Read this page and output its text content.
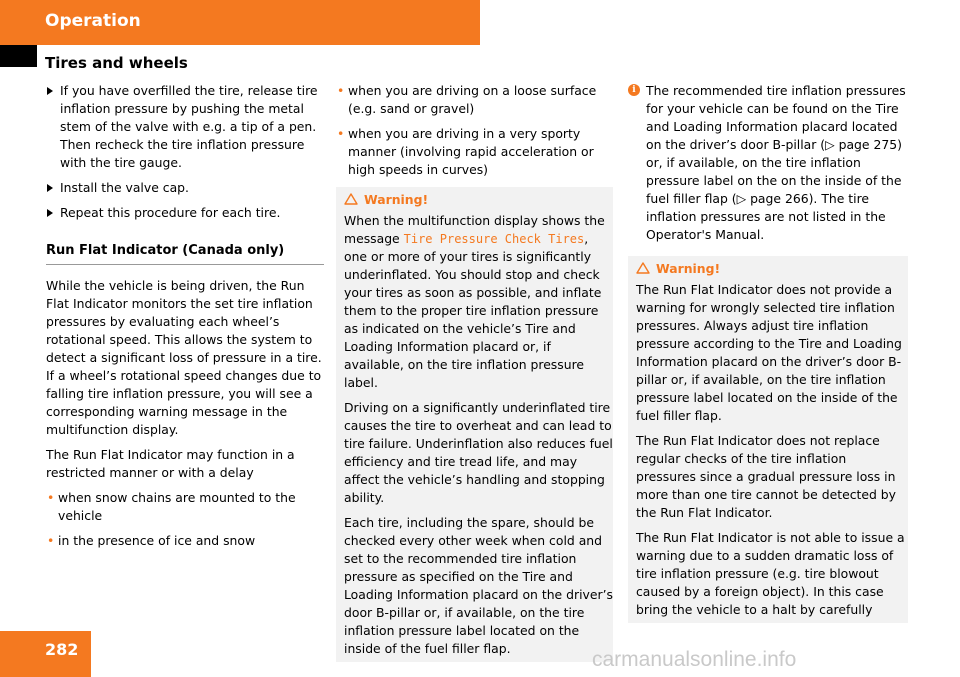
Operation
Tires and wheels
If you have overfilled the tire, release tire inflation pressure by pushing the metal stem of the valve with e.g. a tip of a pen. Then recheck the tire inflation pressure with the tire gauge.
Install the valve cap.
Repeat this procedure for each tire.
Run Flat Indicator (Canada only)

While the vehicle is being driven, the Run Flat Indicator monitors the set tire inflation pressures by evaluating each wheel’s rotational speed. This allows the system to detect a significant loss of pressure in a tire. If a wheel’s rotational speed changes due to falling tire inflation pressure, you will see a corresponding warning message in the multifunction display.

The Run Flat Indicator may function in a restricted manner or with a delay

• when snow chains are mounted to the vehicle
• in the presence of ice and snow
• when you are driving on a loose surface (e.g. sand or gravel)
• when you are driving in a very sporty manner (involving rapid acceleration or high speeds in curves)
Warning!

When the multifunction display shows the message Tire Pressure Check Tires, one or more of your tires is significantly underinflated. You should stop and check your tires as soon as possible, and inflate them to the proper tire inflation pressure as indicated on the vehicle’s Tire and Loading Information placard or, if available, on the tire inflation pressure label.

Driving on a significantly underinflated tire causes the tire to overheat and can lead to tire failure. Underinflation also reduces fuel efficiency and tire tread life, and may affect the vehicle’s handling and stopping ability.

Each tire, including the spare, should be checked every other week when cold and set to the recommended tire inflation pressure as specified on the Tire and Loading Information placard on the driver’s door B-pillar or, if available, on the tire inflation pressure label located on the inside of the fuel filler flap.

i The recommended tire inflation pressures for your vehicle can be found on the Tire and Loading Information placard located on the driver’s door B-pillar (▷ page 275) or, if available, on the tire inflation pressure label on the on the inside of the fuel filler flap (▷ page 266). The tire inflation pressures are not listed in the Operator's Manual.
Warning!

The Run Flat Indicator does not provide a warning for wrongly selected tire inflation pressures. Always adjust tire inflation pressure according to the Tire and Loading Information placard on the driver’s door B-pillar or, if available, on the tire inflation pressure label located on the inside of the fuel filler flap.

The Run Flat Indicator does not replace regular checks of the tire inflation pressures since a gradual pressure loss in more than one tire cannot be detected by the Run Flat Indicator.

The Run Flat Indicator is not able to issue a warning due to a sudden dramatic loss of tire inflation pressure (e.g. tire blowout caused by a foreign object). In this case bring the vehicle to a halt by carefully

282	carmanualsonline.info
